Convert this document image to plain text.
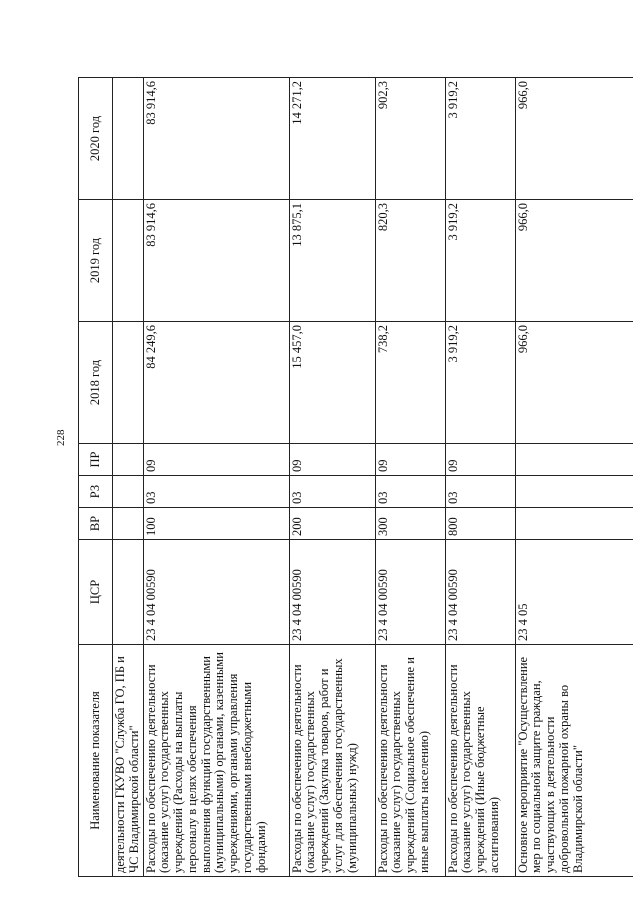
228
Наименование показателя	ЦСР	ВР	РЗ	ПР	2018 год	2019 год	2020 год
деятельности ГКУВО "Служба ГО, ПБ и ЧС Владимирской области"							
Расходы по обеспечению деятельности (оказание услуг) государственных учреждений (Расходы на выплаты персоналу в целях обеспечения выполнения функций государственными (муниципальными) органами, казенными учреждениями, органами управления государственными внебюджетными фондами)	23 4 04 00590	100	03	09	84 249,6	83 914,6	83 914,6
Расходы по обеспечению деятельности (оказание услуг) государственных учреждений (Закупка товаров, работ и услуг для обеспечения государственных (муниципальных) нужд)	23 4 04 00590	200	03	09	15 457,0	13 875,1	14 271,2
Расходы по обеспечению деятельности (оказание услуг) государственных учреждений (Социальное обеспечение и иные выплаты населению)	23 4 04 00590	300	03	09	738,2	820,3	902,3
Расходы по обеспечению деятельности (оказание услуг) государственных учреждений (Иные бюджетные ассигнования)	23 4 04 00590	800	03	09	3 919,2	3 919,2	3 919,2
Основное мероприятие "Осуществление мер по социальной защите граждан, участвующих в деятельности добровольной пожарной охраны во Владимирской области"	23 4 05				966,0	966,0	966,0
